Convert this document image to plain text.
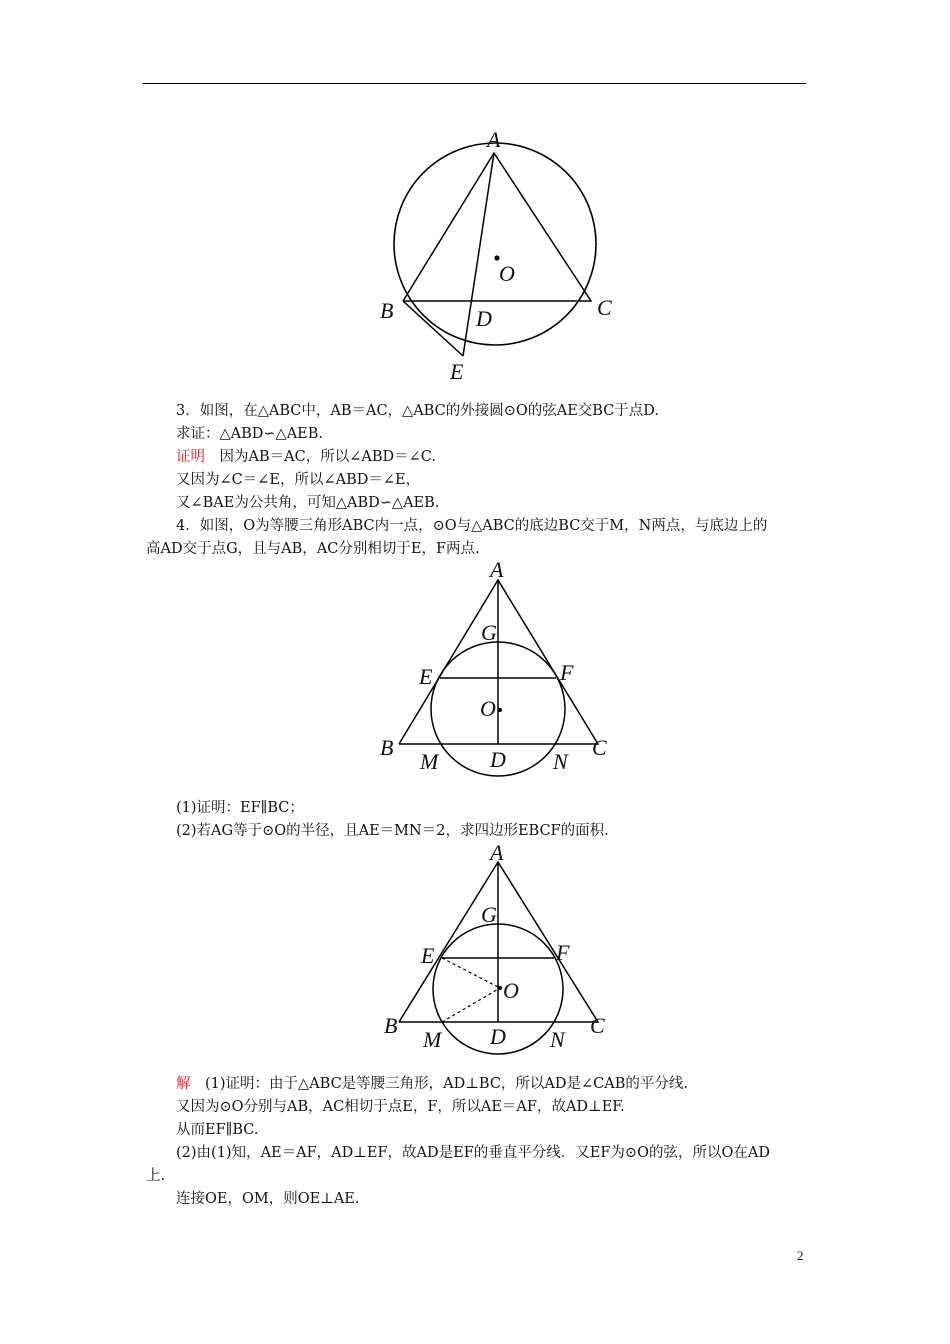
A
B	C
D
E
O
3．如图，在△ABC中，AB＝AC，△ABC的外接圆⊙O的弦AE交BC于点D.
求证：△ABD∽△AEB.
证明　因为AB＝AC，所以∠ABD＝∠C.
又因为∠C＝∠E，所以∠ABD＝∠E，
又∠BAE为公共角，可知△ABD∽△AEB.
4．如图，O为等腰三角形ABC内一点，⊙O与△ABC的底边BC交于M，N两点，与底边上的
高AD交于点G，且与AB，AC分别相切于E，F两点.
A
G
E	F
O
B	C
M D N
(1)证明：EF∥BC；
(2)若AG等于⊙O的半径，且AE＝MN＝2，求四边形EBCF的面积.
A
G
E	F
O
B	C
M D N
解　(1)证明：由于△ABC是等腰三角形，AD⊥BC，所以AD是∠CAB的平分线.
又因为⊙O分别与AB，AC相切于点E，F，所以AE＝AF，故AD⊥EF.
从而EF∥BC.
(2)由(1)知，AE＝AF，AD⊥EF，故AD是EF的垂直平分线．又EF为⊙O的弦，所以O在AD
上.
连接OE，OM，则OE⊥AE.
2
